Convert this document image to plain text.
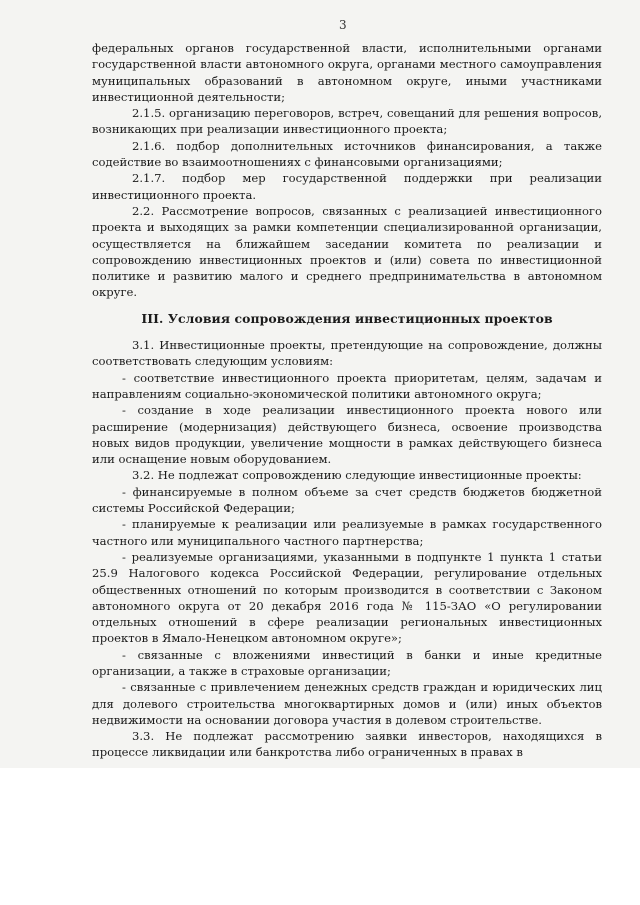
3

федеральных органов государственной власти, исполнительными органами государственной власти автономного округа, органами местного самоуправления муниципальных образований в автономном округе, иными участниками инвестиционной деятельности;

2.1.5. организацию переговоров, встреч, совещаний для решения вопросов, возникающих при реализации инвестиционного проекта;

2.1.6. подбор дополнительных источников финансирования, а также содействие во взаимоотношениях с финансовыми организациями;

2.1.7. подбор мер государственной поддержки при реализации инвестиционного проекта.

2.2. Рассмотрение вопросов, связанных с реализацией инвестиционного проекта и выходящих за рамки компетенции специализированной организации, осуществляется на ближайшем заседании комитета по реализации и сопровождению инвестиционных проектов и (или) совета по инвестиционной политике и развитию малого и среднего предпринимательства в автономном округе.

III. Условия сопровождения инвестиционных проектов

3.1. Инвестиционные проекты, претендующие на сопровождение, должны соответствовать следующим условиям:

- соответствие инвестиционного проекта приоритетам, целям, задачам и направлениям социально-экономической политики автономного округа;

- создание в ходе реализации инвестиционного проекта нового или расширение (модернизация) действующего бизнеса, освоение производства новых видов продукции, увеличение мощности в рамках действующего бизнеса или оснащение новым оборудованием.

3.2. Не подлежат сопровождению следующие инвестиционные проекты:

- финансируемые в полном объеме за счет средств бюджетов бюджетной системы Российской Федерации;

- планируемые к реализации или реализуемые в рамках государственного частного или муниципального частного партнерства;

- реализуемые организациями, указанными в подпункте 1 пункта 1 статьи 25.9 Налогового кодекса Российской Федерации, регулирование отдельных общественных отношений по которым производится в соответствии с Законом автономного округа от 20 декабря 2016 года № 115-ЗАО «О регулировании отдельных отношений в сфере реализации региональных инвестиционных проектов в Ямало-Ненецком автономном округе»;

- связанные с вложениями инвестиций в банки и иные кредитные организации, а также в страховые организации;

- связанные с привлечением денежных средств граждан и юридических лиц для долевого строительства многоквартирных домов и (или) иных объектов недвижимости на основании договора участия в долевом строительстве.

3.3. Не подлежат рассмотрению заявки инвесторов, находящихся в процессе ликвидации или банкротства либо ограниченных в правах в
